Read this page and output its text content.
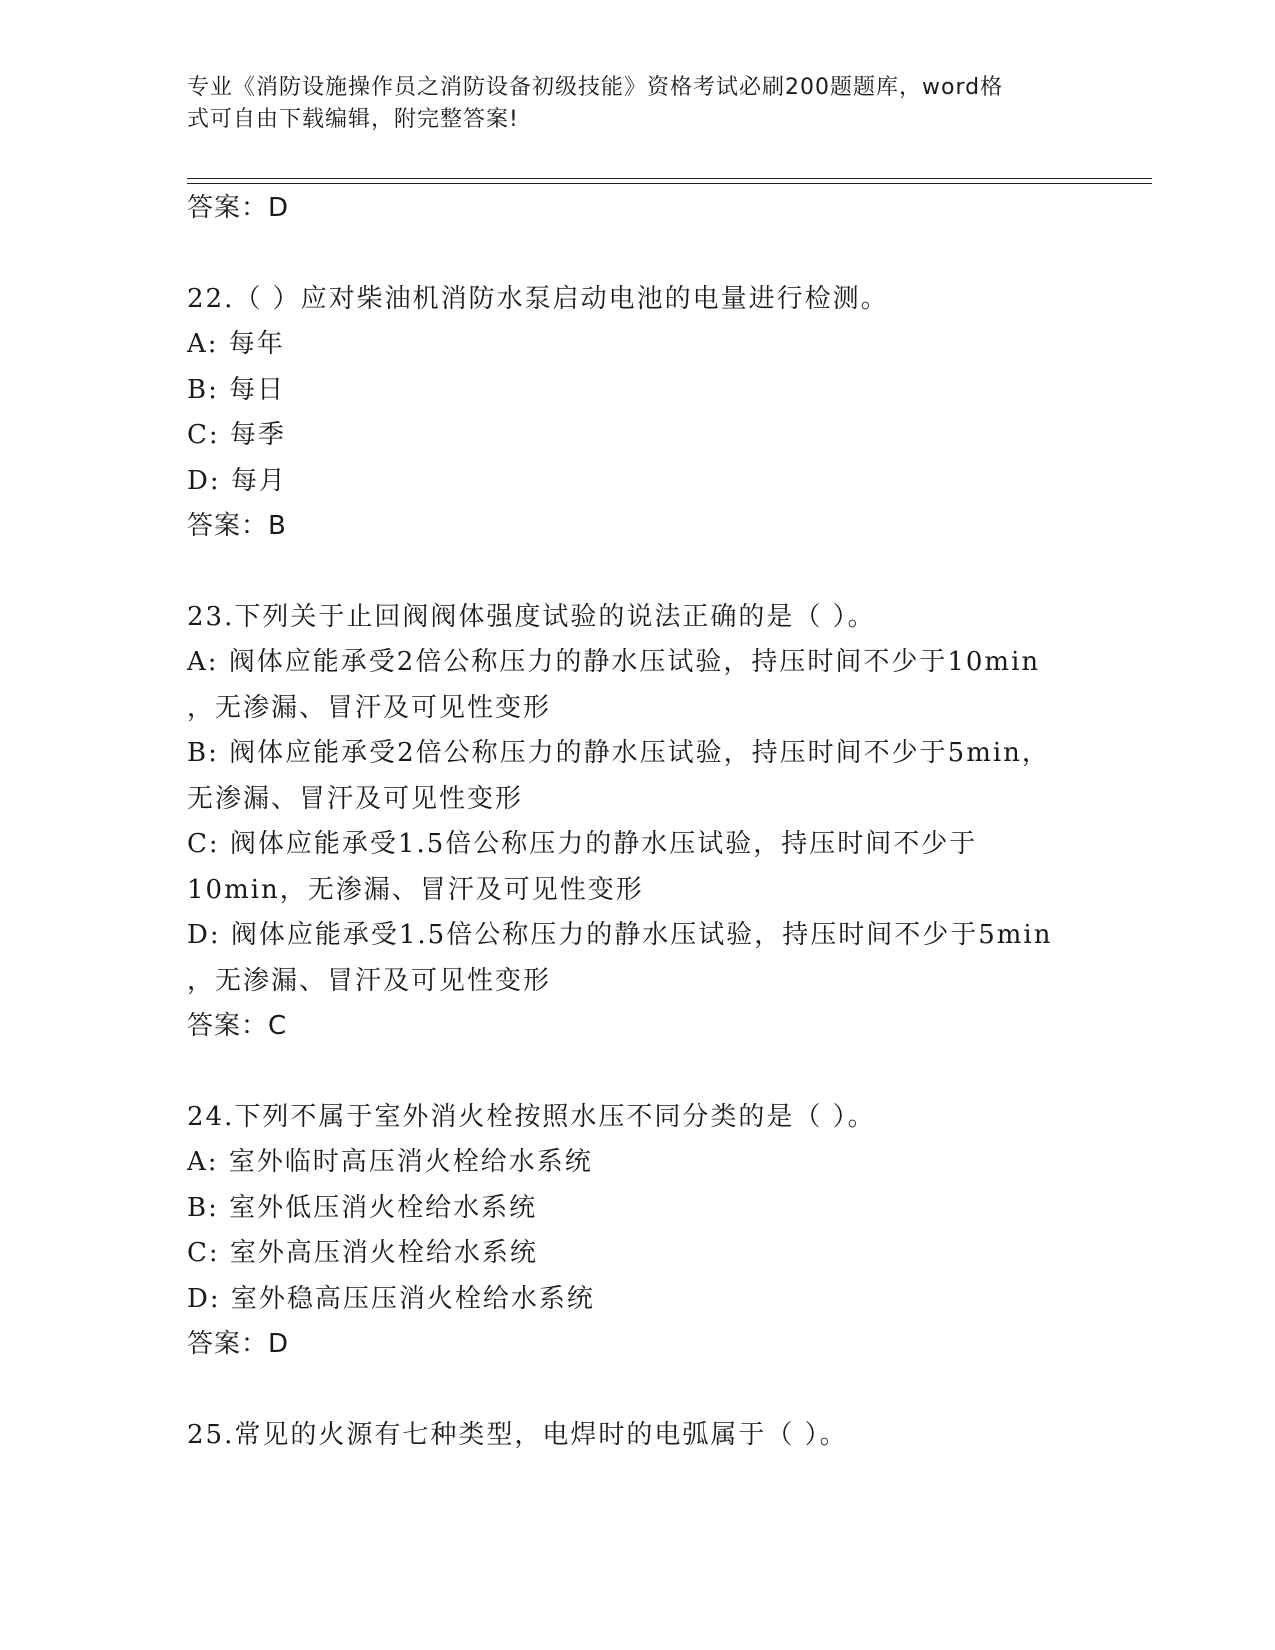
专业《消防设施操作员之消防设备初级技能》资格考试必刷200题题库，word格
式可自由下载编辑，附完整答案!
答案：D
22.（ ）应对柴油机消防水泵启动电池的电量进行检测。
A: 每年
B: 每日
C: 每季
D: 每月
答案：B
23.下列关于止回阀阀体强度试验的说法正确的是（ ）。
A: 阀体应能承受2倍公称压力的静水压试验，持压时间不少于10min
，无渗漏、冒汗及可见性变形
B: 阀体应能承受2倍公称压力的静水压试验，持压时间不少于5min，
无渗漏、冒汗及可见性变形
C: 阀体应能承受1.5倍公称压力的静水压试验，持压时间不少于
10min，无渗漏、冒汗及可见性变形
D: 阀体应能承受1.5倍公称压力的静水压试验，持压时间不少于5min
，无渗漏、冒汗及可见性变形
答案：C
24.下列不属于室外消火栓按照水压不同分类的是（ ）。
A: 室外临时高压消火栓给水系统
B: 室外低压消火栓给水系统
C: 室外高压消火栓给水系统
D: 室外稳高压压消火栓给水系统
答案：D
25.常见的火源有七种类型，电焊时的电弧属于（ ）。
